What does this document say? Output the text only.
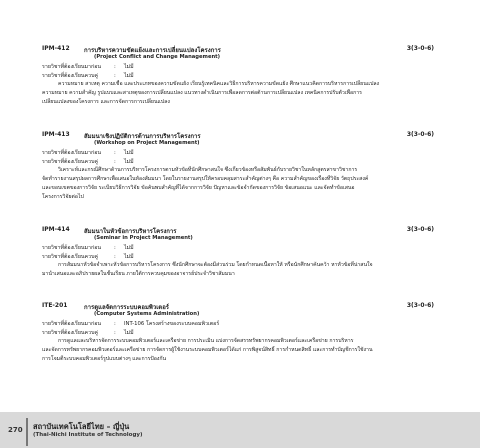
IPM-412 การบริหารความขัดแย้งและการเปลี่ยนแปลงโครงการ	3(3-0-6)
(Project Conflict and Change Management)
รายวิชาที่ต้องเรียนมาก่อน : ไม่มี
รายวิชาที่ต้องเรียนควบคู่	: ไม่มี
ความหมาย สาเหตุ ความเชื่อ และประเภทของความขัดแย้ง เรียนรู้เทคนิคและวิธีการบริหารความขัดแย้ง ศึกษาแนวคิดการบริหารการเปลี่ยนแปลง
ความหมาย ความสำคัญ รูปแบบและสาเหตุของการเปลี่ยนแปลง แนวทางดำเนินการเพื่อลดการต่อต้านการเปลี่ยนแปลง เทคนิคการปรับตัวเพื่อการ
เปลี่ยนแปลงของโครงการ และการจัดการการเปลี่ยนแปลง
IPM-413 สัมมนาเชิงปฏิบัติการด้านการบริหารโครงการ	3(3-0-6)
(Workshop on Project Management)
รายวิชาที่ต้องเรียนมาก่อน : ไม่มี
รายวิชาที่ต้องเรียนควบคู่	: ไม่มี
วิเคราะห์และกรณีศึกษาด้านการบริหารโครงการตามหัวข้อที่นักศึกษาสนใจ ซึ่งเกี่ยวข้องหรือสัมพันธ์กับรายวิชาในหลักสูตรสาขาวิชาการ
จัดทำรายงานสรุปผลการศึกษาเพื่อเสนอในห้องสัมมนา โดยในรายงานสรุปให้ครอบคลุมสาระสำคัญต่างๆ คือ ความสำคัญของเรื่องที่วิจัย วัตถุประสงค์
และขอบเขตของการวิจัย ระเบียบวิธีการวิจัย ข้อค้นพบสำคัญที่ได้จากการวิจัย ปัญหาและข้อจำกัดของการวิจัย ข้อเสนอแนะ และจัดทำข้อเสนอ
โครงการวิจัยต่อไป
IPM-414 สัมมนาในหัวข้อการบริหารโครงการ	3(3-0-6)
(Seminar in Project Management)
รายวิชาที่ต้องเรียนมาก่อน : ไม่มี
รายวิชาที่ต้องเรียนควบคู่	: ไม่มี
การสัมมนาหัวข้อจำเพาะหัวข้อการบริหารโครงการ ซึ่งนักศึกษาจะต้องมีส่วนร่วม โดยกำหนดเนื้อหาให้ หรือนักศึกษาค้นคว้า หาหัวข้อที่น่าสนใจ
มานำเสนอและอภิปรายผลในชั้นเรียน ภายใต้การควบคุมของอาจารย์ประจำวิชาสัมมนา
ITE-201	การดูแลจัดการระบบคอมพิวเตอร์	3(3-0-6)
(Computer Systems Administration)
รายวิชาที่ต้องเรียนมาก่อน : INT-106 โครงสร้างของระบบคอมพิวเตอร์
รายวิชาที่ต้องเรียนควบคู่	: ไม่มี
การดูแลและบริหารจัดการระบบคอมพิวเตอร์และเครือข่าย การประเมิน แบ่งการจัดสรรทรัพยากรคอมพิวเตอร์และเครือข่าย การบริหาร
และจัดการทรัพยากรคอมพิวเตอร์และเครือข่าย การจัดการผู้ใช้งานระบบคอมพิวเตอร์ได้แก่ การพิสูจน์สิทธิ์ การกำหนดสิทธิ์ และการทำบัญชีการใช้งาน
การโจมตีระบบคอมพิวเตอร์รูปแบบต่างๆ และการป้องกัน
270 สถาบันเทคโนโลยีไทย – ญี่ปุ่น
(Thai-Nichi Institute of Technology)
